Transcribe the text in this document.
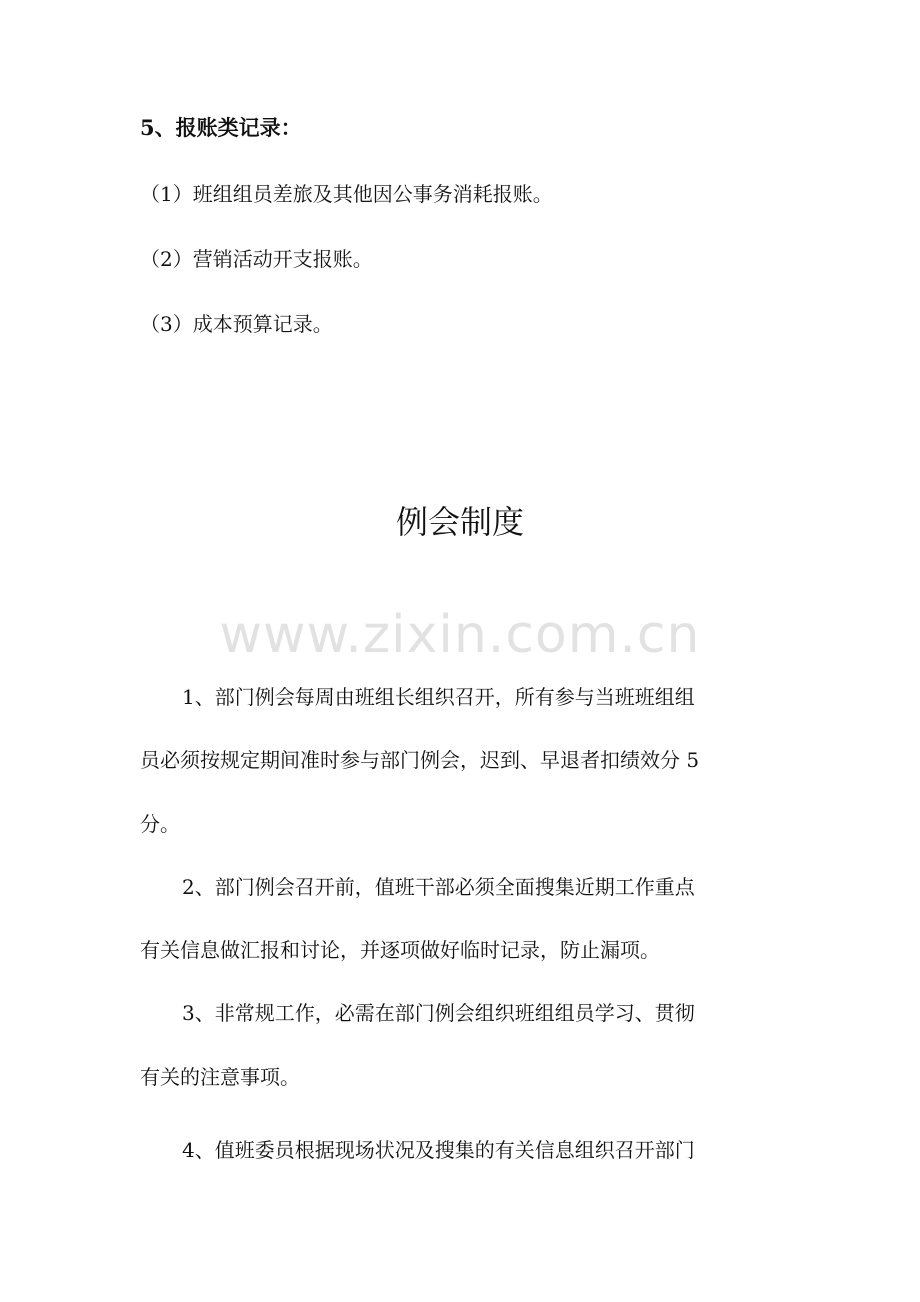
5、报账类记录：
（1）班组组员差旅及其他因公事务消耗报账。
（2）营销活动开支报账。
（3）成本预算记录。
例会制度
www.zixin.com.cn
1、部门例会每周由班组长组织召开，所有参与当班班组组
员必须按规定期间准时参与部门例会，迟到、早退者扣绩效分 5
分。
2、部门例会召开前，值班干部必须全面搜集近期工作重点
有关信息做汇报和讨论，并逐项做好临时记录，防止漏项。
3、非常规工作，必需在部门例会组织班组组员学习、贯彻
有关的注意事项。
4、值班委员根据现场状况及搜集的有关信息组织召开部门
